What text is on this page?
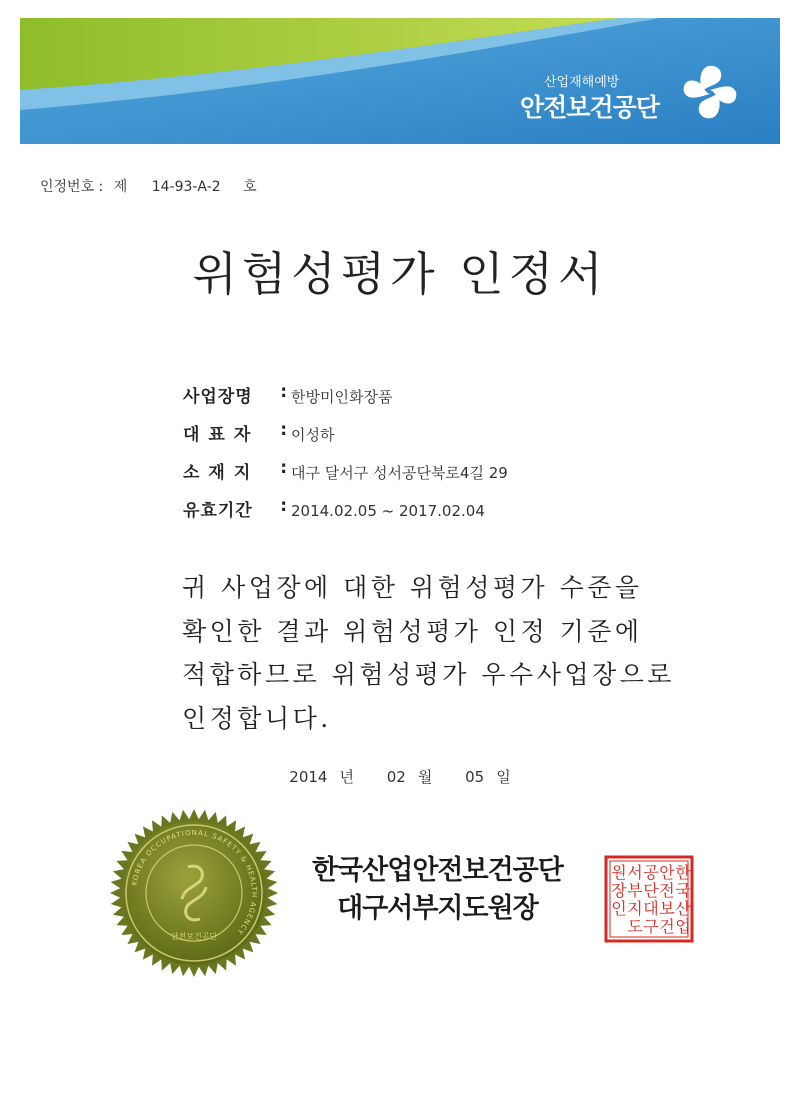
산업재해예방
안전보건공단
인정번호 : 제 14-93-A-2 호
위험성평가 인정서
사업장명 : 한방미인화장품
대표자 : 이성하
소재지 : 대구 달서구 성서공단북로4길 29
유효기간 : 2014.02.05 ~ 2017.02.04
귀 사업장에 대한 위험성평가 수준을
확인한 결과 위험성평가 인정 기준에
적합하므로 위험성평가 우수사업장으로
인정합니다.
2014 년 02 월 05 일
KOREA OCCUPATIONAL SAFETY & HEALTH AGENCY
안전보건공단
한국산업안전보건공단
대구서부지도원장
한
국
산
업
안
전
보
건
공
단
대
구
서
부
지
도
원
장
인
